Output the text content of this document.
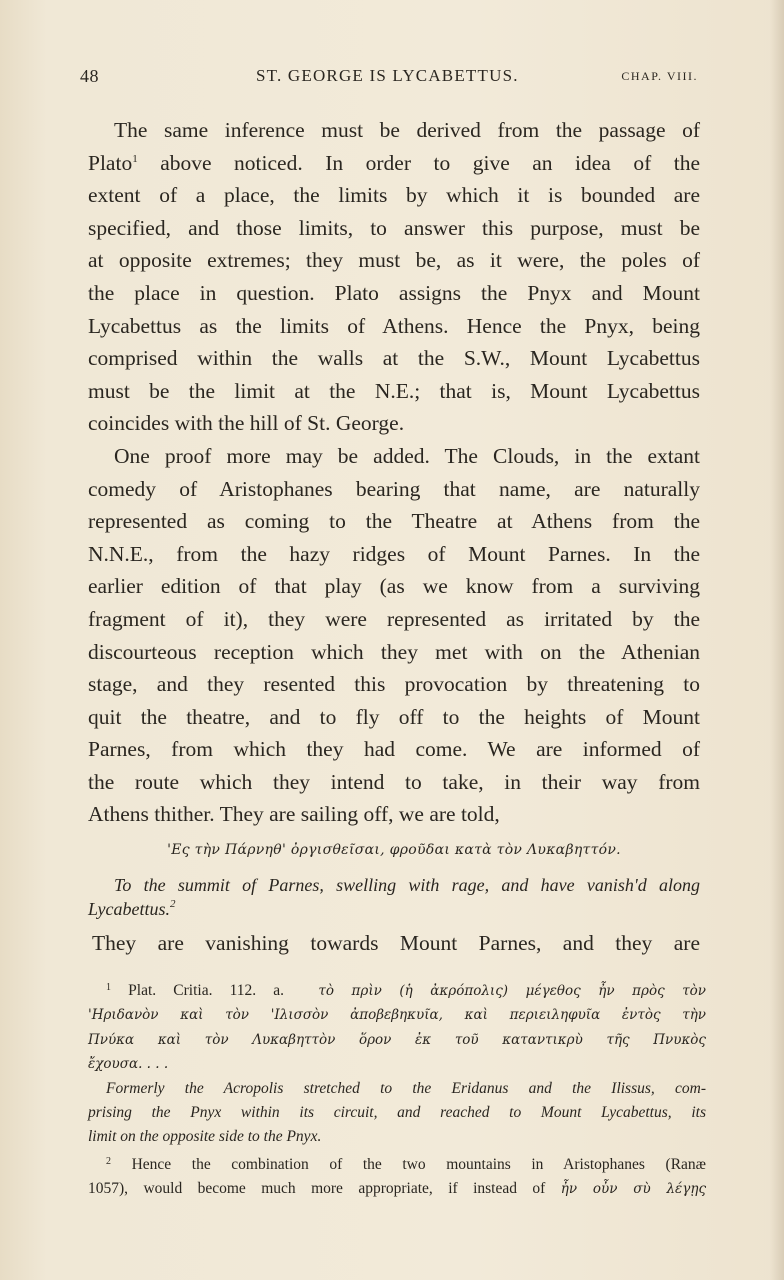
48	ST. GEORGE IS LYCABETTUS.	CHAP. VIII.
The same inference must be derived from the passage of
Plato$^1$ above noticed. In order to give an idea of the
extent of a place, the limits by which it is bounded are
specified, and those limits, to answer this purpose, must be
at opposite extremes; they must be, as it were, the poles of
the place in question. Plato assigns the Pnyx and Mount
Lycabettus as the limits of Athens. Hence the Pnyx, being
comprised within the walls at the S.W., Mount Lycabettus
must be the limit at the N.E.; that is, Mount Lycabettus
coincides with the hill of St. George.
One proof more may be added. The Clouds, in the extant
comedy of Aristophanes bearing that name, are naturally
represented as coming to the Theatre at Athens from the
N.N.E., from the hazy ridges of Mount Parnes. In the
earlier edition of that play (as we know from a surviving
fragment of it), they were represented as irritated by the
discourteous reception which they met with on the Athenian
stage, and they resented this provocation by threatening to
quit the theatre, and to fly off to the heights of Mount
Parnes, from which they had come. We are informed of
the route which they intend to take, in their way from
Athens thither. They are sailing off, we are told,
'Ες τὴν Πάρνηθ' ὀργισθεῖσαι, φροῦδαι κατὰ τὸν Λυκαβηττόν.
To the summit of Parnes, swelling with rage, and have vanish'd along
Lycabettus.$^2$
They are vanishing towards Mount Parnes, and they are
$^1$ Plat. Critia. 112. a.	τὸ πρὶν (ἡ ἀκρόπολις) μέγεθος ἦν πρὸς τὸν
'Ηριδανὸν καὶ τὸν 'Ιλισσὸν ἀποβεβηκυῖα, καὶ περιειληφυῖα ἐντὸς τὴν
Πνύκα καὶ τὸν Λυκαβηττὸν ὅρον ἐκ τοῦ καταντικρὺ τῆς Πνυκὸς
ἔχουσα. . . .
Formerly the Acropolis stretched to the Eridanus and the Ilissus, com-
prising the Pnyx within its circuit, and reached to Mount Lycabettus, its
limit on the opposite side to the Pnyx.
$^2$ Hence the combination of the two mountains in Aristophanes (Ranæ
1057), would become much more appropriate, if instead of ἦν οὖν σὺ λέγῃς
